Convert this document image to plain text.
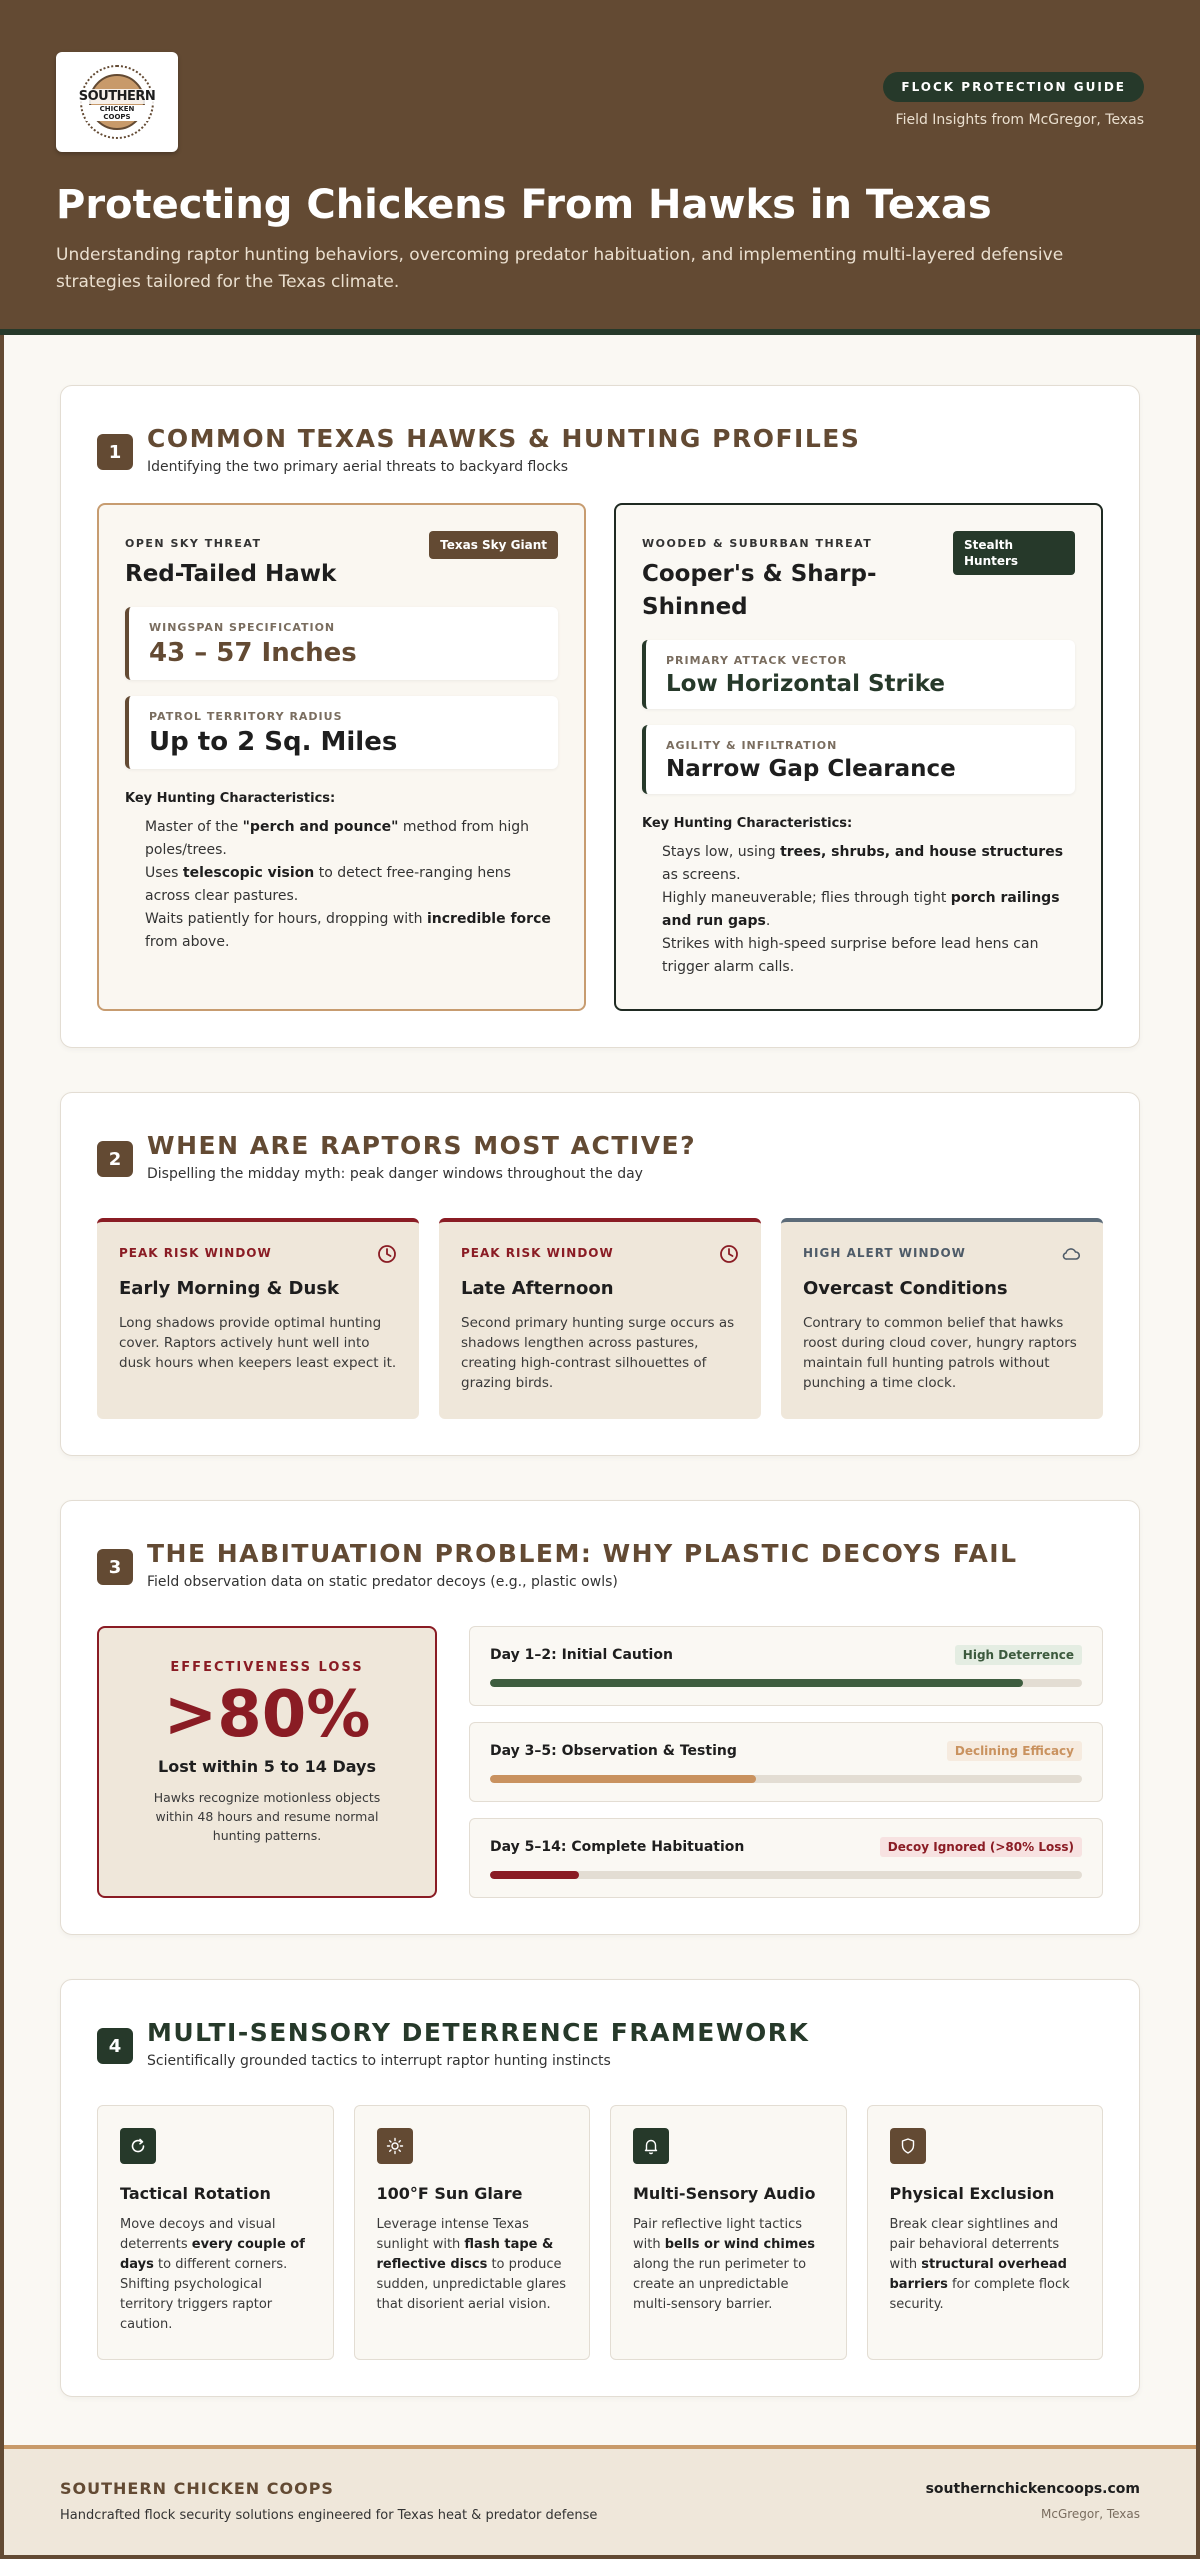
SOUTHERN
CHICKEN COOPS
FLOCK PROTECTION GUIDE
Field Insights from McGregor, Texas
Protecting Chickens From Hawks in Texas

Understanding raptor hunting behaviors, overcoming predator habituation, and implementing multi-layered defensive strategies tailored for the Texas climate.

1	COMMON TEXAS HAWKS & HUNTING PROFILES
Identifying the two primary aerial threats to backyard flocks
OPEN SKY THREAT
Red-Tailed Hawk
Texas Sky Giant
WINGSPAN SPECIFICATION
43 – 57 Inches
PATROL TERRITORY RADIUS
Up to 2 Sq. Miles
Key Hunting Characteristics:
Master of the "perch and pounce" method from high poles/trees.
Uses telescopic vision to detect free-ranging hens across clear pastures.
Waits patiently for hours, dropping with incredible force from above.
WOODED & SUBURBAN THREAT
Cooper's & Sharp-Shinned
Stealth Hunters
PRIMARY ATTACK VECTOR
Low Horizontal Strike
AGILITY & INFILTRATION
Narrow Gap Clearance
Key Hunting Characteristics:
Stays low, using trees, shrubs, and house structures as screens.
Highly maneuverable; flies through tight porch railings and run gaps.
Strikes with high-speed surprise before lead hens can trigger alarm calls.
2	WHEN ARE RAPTORS MOST ACTIVE?
Dispelling the midday myth: peak danger windows throughout the day
PEAK RISK WINDOW
Early Morning & Dusk
Long shadows provide optimal hunting cover. Raptors actively hunt well into dusk hours when keepers least expect it.
PEAK RISK WINDOW
Late Afternoon
Second primary hunting surge occurs as shadows lengthen across pastures, creating high-contrast silhouettes of grazing birds.
HIGH ALERT WINDOW
Overcast Conditions
Contrary to common belief that hawks roost during cloud cover, hungry raptors maintain full hunting patrols without punching a time clock.
3	THE HABITUATION PROBLEM: WHY PLASTIC DECOYS FAIL
Field observation data on static predator decoys (e.g., plastic owls)
EFFECTIVENESS LOSS
>80%
Lost within 5 to 14 Days
Hawks recognize motionless objects within 48 hours and resume normal hunting patterns.
Day 1–2: Initial Caution	High Deterrence
Day 3–5: Observation & Testing	Declining Efficacy
Day 5–14: Complete Habituation	Decoy Ignored (>80% Loss)
4	MULTI-SENSORY DETERRENCE FRAMEWORK
Scientifically grounded tactics to interrupt raptor hunting instincts
Tactical Rotation
Move decoys and visual deterrents every couple of days to different corners. Shifting psychological territory triggers raptor caution.
100°F Sun Glare
Leverage intense Texas sunlight with flash tape & reflective discs to produce sudden, unpredictable glares that disorient aerial vision.
Multi-Sensory Audio
Pair reflective light tactics with bells or wind chimes along the run perimeter to create an unpredictable multi-sensory barrier.
Physical Exclusion
Break clear sightlines and pair behavioral deterrents with structural overhead barriers for complete flock security.
SOUTHERN CHICKEN COOPS
Handcrafted flock security solutions engineered for Texas heat & predator defense
southernchickencoops.com
McGregor, Texas
